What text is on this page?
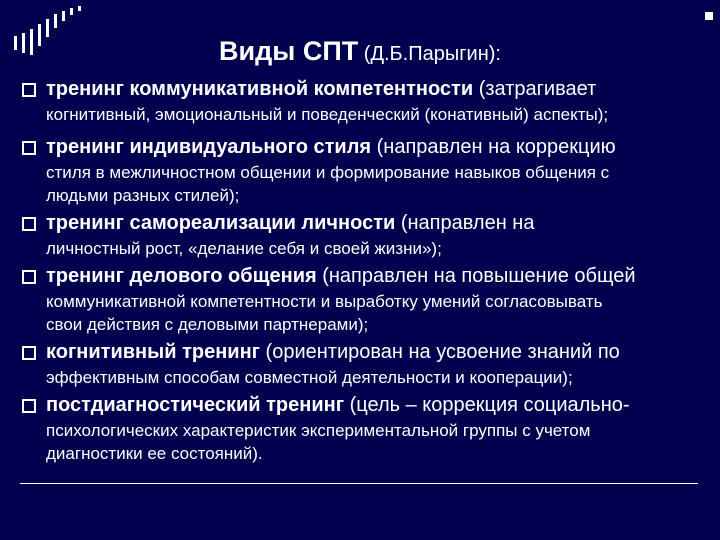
Виды СПТ (Д.Б.Парыгин):
тренинг коммуникативной компетентности (затрагивает
когнитивный, эмоциональный и поведенческий (конативный) аспекты);
тренинг индивидуального стиля (направлен на коррекцию
стиля в межличностном общении и формирование навыков общения с
людьми разных стилей);
тренинг самореализации личности (направлен на
личностный рост, «делание себя и своей жизни»);
тренинг делового общения (направлен на повышение общей
коммуникативной компетентности и выработку умений согласовывать
свои действия с деловыми партнерами);
когнитивный тренинг (ориентирован на усвоение знаний по
эффективным способам совместной деятельности и кооперации);
постдиагностический тренинг (цель – коррекция социально-
психологических характеристик экспериментальной группы с учетом
диагностики ее состояний).
